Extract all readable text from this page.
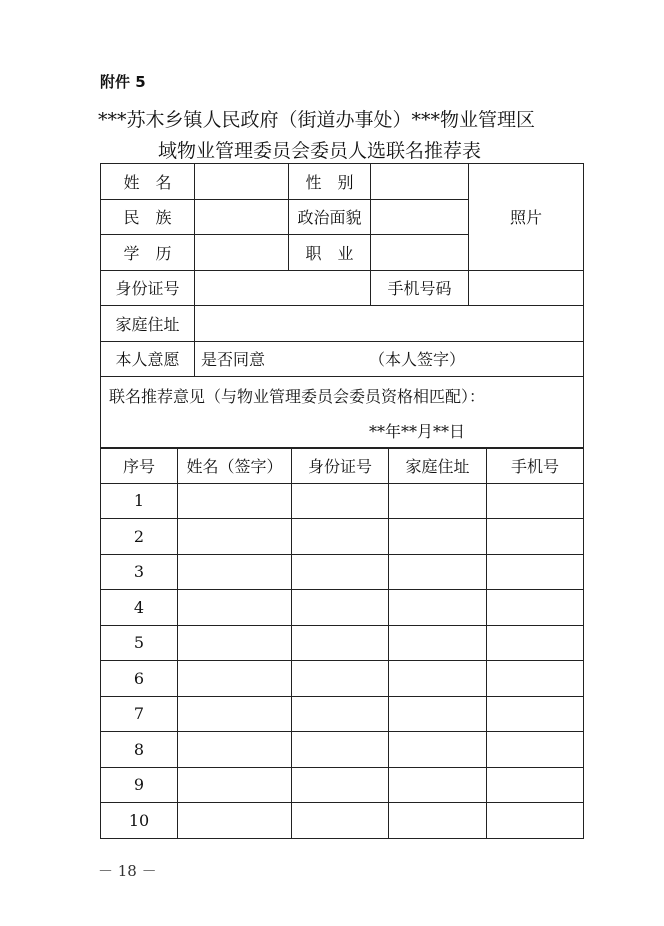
附件 5
***苏木乡镇人民政府（街道办事处）***物业管理区
域物业管理委员会委员人选联名推荐表
姓　名		性　别		照片
民　族		政治面貌		
学　历		职　业		
身份证号			手机号码	
家庭住址				
本人意愿	是否同意 （本人签字）			

联名推荐意见（与物业管理委员会委员资格相匹配）：
**年**月**日				
序号	姓名（签字）	身份证号	家庭住址	手机号
1				
2				
3				
4				
5				
6				
7				
8				
9				
10				
－ 18 －
